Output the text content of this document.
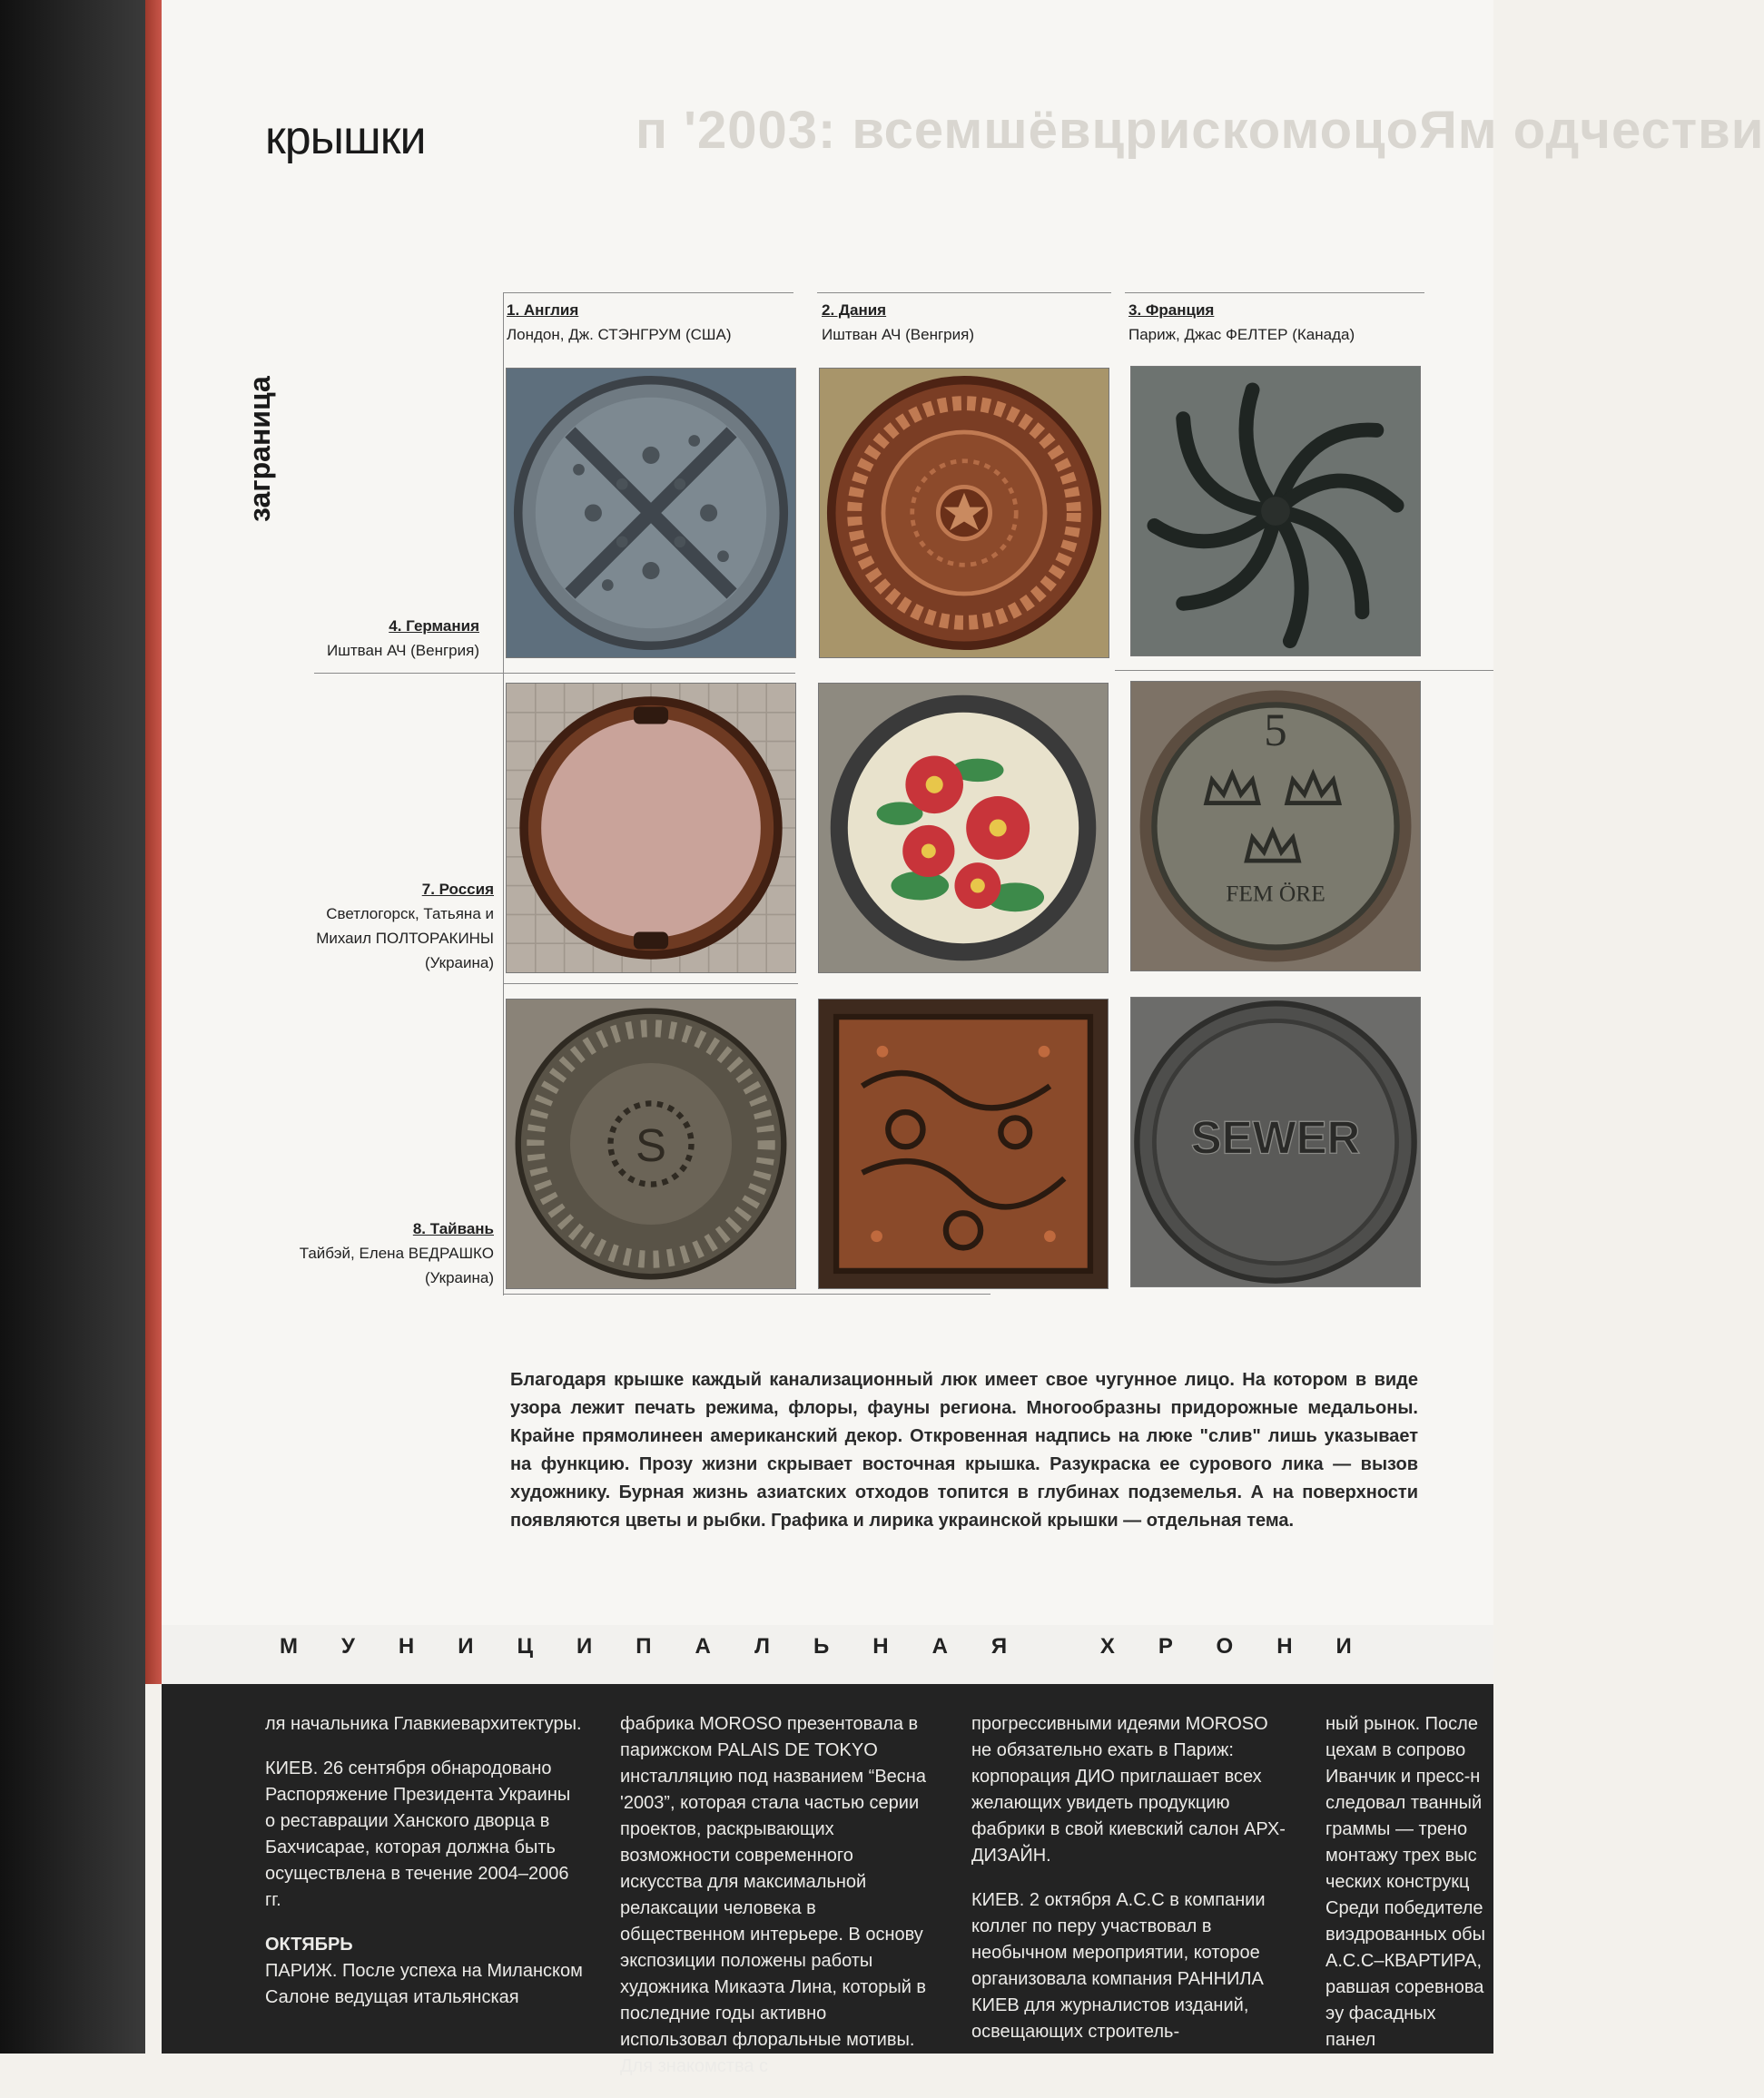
п '2003: всемшёвцрискомоцоЯм одчестви
крышки
заграница
1. Англия
Лондон, Дж. СТЭНГРУМ (США)
2. Дания
Иштван АЧ (Венгрия)
3. Франция
Париж, Джас ФЕЛТЕР (Канада)
4. Германия
Иштван АЧ (Венгрия)
7. Россия
Светлогорск, Татьяна и
Михаил ПОЛТОРАКИНЫ
(Украина)
8. Тайвань
Тайбэй, Елена ВЕДРАШКО
(Украина)
5
FEM ÖRE
S	SEWER
Благодаря крышке каждый канализационный люк имеет свое чугунное лицо. На котором в виде узора лежит печать режима, флоры, фауны региона. Многообразны придорожные медальоны. Крайне прямолинеен американский декор. Откровенная надпись на люке "слив" лишь указывает на функцию. Прозу жизни скрывает восточная крышка. Разукраска ее сурового лика — вызов художнику. Бурная жизнь азиатских отходов топится в глубинах подземелья. А на поверхности появляются цветы и рыбки. Графика и лирика украинской крышки — отдельная тема.
МУНИЦИПАЛЬНАЯ ХРОНИ

ля начальника Главкиевархитектуры.

КИЕВ. 26 сентября обнародовано Распоряжение Президента Украины о реставрации Ханского дворца в Бахчисарае, которая должна быть осуществлена в течение 2004–2006 гг.

ОКТЯБРЬ

ПАРИЖ. После успеха на Миланском Салоне ведущая итальянская

фабрика MOROSO презентовала в парижском PALAIS DE TOKYO инсталляцию под названием “Весна '2003”, которая стала частью серии проектов, раскрывающих возможности современного искусства для максимальной релаксации человека в общественном интерьере. В основу экспозиции положены работы художника Микаэта Лина, который в последние годы активно использовал флоральные мотивы. Для знакомства с

прогрессивными идеями MOROSO не обязательно ехать в Париж: корпорация ДИО приглашает всех желающих увидеть продукцию фабрики в свой киевский салон АРХ-ДИЗАЙН.

КИЕВ. 2 октября А.С.С в компании коллег по перу участвовал в необычном мероприятии, которое организовала компания РАННИЛА КИЕВ для журналистов изданий, освещающих строитель-

ный рынок. После цехам в сопрово Иванчик и пресс-н следовал тванный граммы — трено монтажу трех выс ческих конструкц Среди победителе виэдрованных обы А.С.С–КВАРТИРА, равшая соревнова эу фасадных панел
